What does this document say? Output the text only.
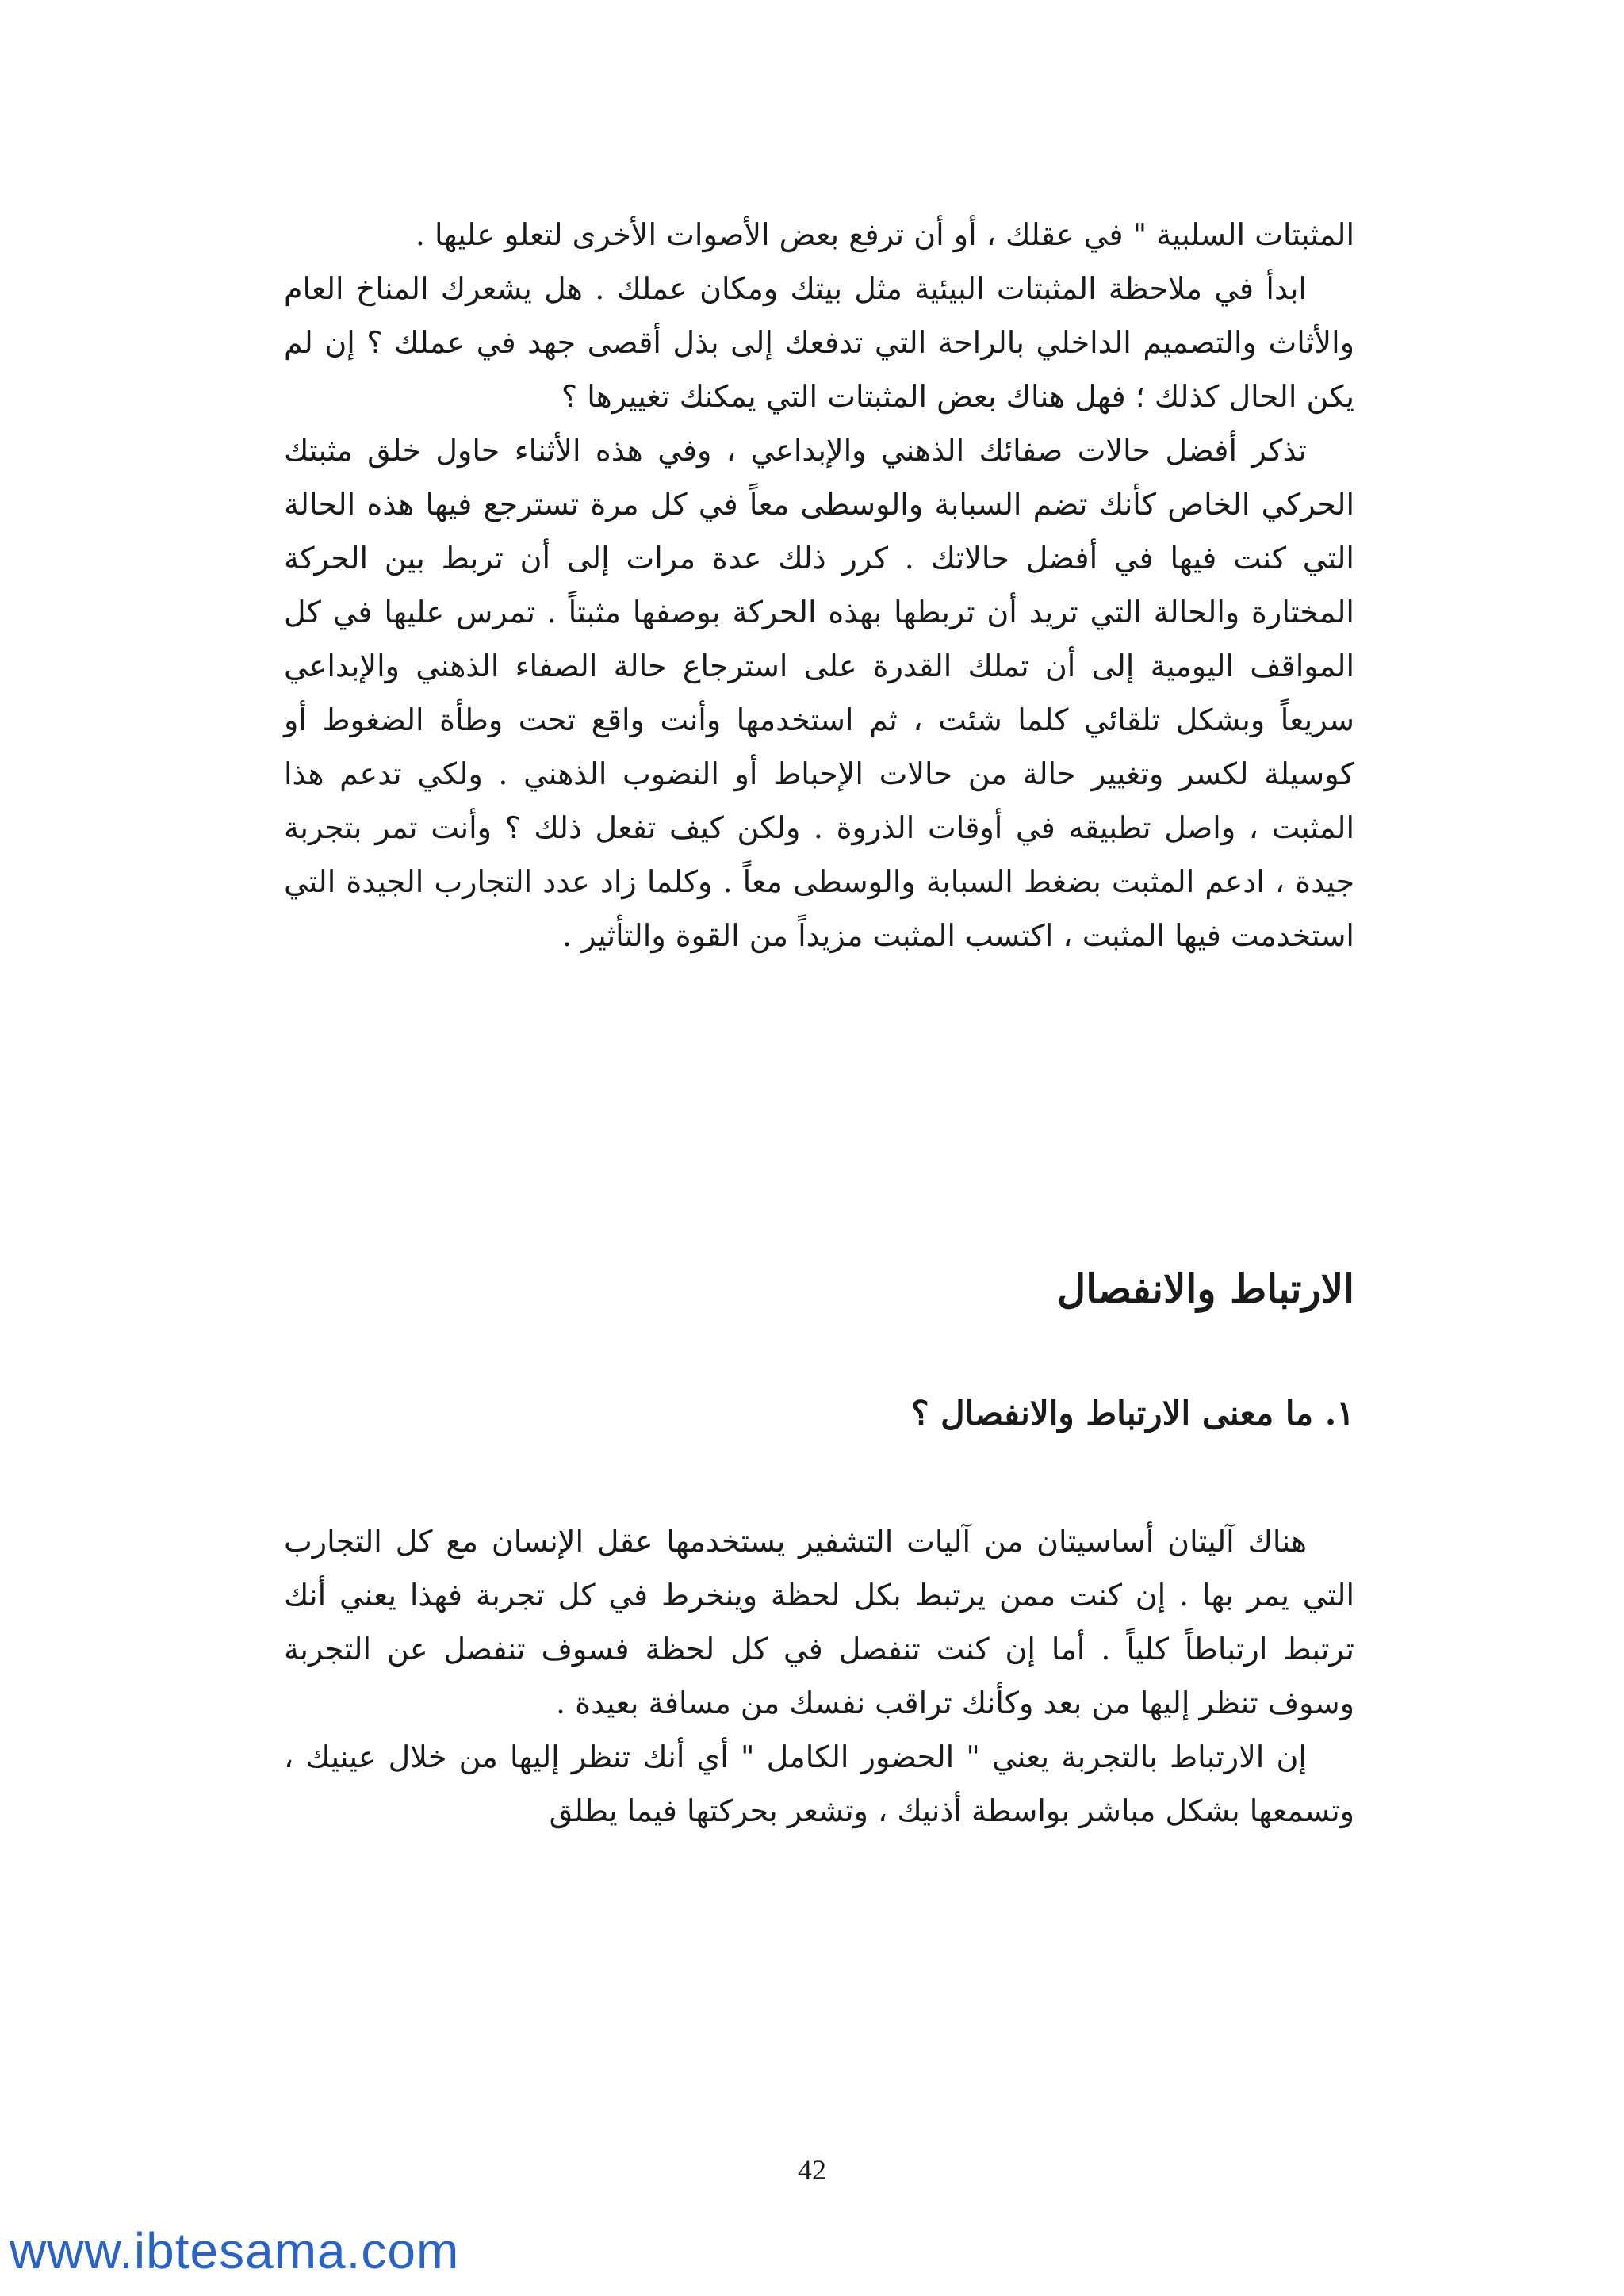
المثبتات السلبية " في عقلك ، أو أن ترفع بعض الأصوات الأخرى لتعلو عليها .

ابدأ في ملاحظة المثبتات البيئية مثل بيتك ومكان عملك . هل يشعرك المناخ العام والأثاث والتصميم الداخلي بالراحة التي تدفعك إلى بذل أقصى جهد في عملك ؟ إن لم يكن الحال كذلك ؛ فهل هناك بعض المثبتات التي يمكنك تغييرها ؟

تذكر أفضل حالات صفائك الذهني والإبداعي ، وفي هذه الأثناء حاول خلق مثبتك الحركي الخاص كأنك تضم السبابة والوسطى معاً في كل مرة تسترجع فيها هذه الحالة التي كنت فيها في أفضل حالاتك . كرر ذلك عدة مرات إلى أن تربط بين الحركة المختارة والحالة التي تريد أن تربطها بهذه الحركة بوصفها مثبتاً . تمرس عليها في كل المواقف اليومية إلى أن تملك القدرة على استرجاع حالة الصفاء الذهني والإبداعي سريعاً وبشكل تلقائي كلما شئت ، ثم استخدمها وأنت واقع تحت وطأة الضغوط أو كوسيلة لكسر وتغيير حالة من حالات الإحباط أو النضوب الذهني . ولكي تدعم هذا المثبت ، واصل تطبيقه في أوقات الذروة . ولكن كيف تفعل ذلك ؟ وأنت تمر بتجربة جيدة ، ادعم المثبت بضغط السبابة والوسطى معاً . وكلما زاد عدد التجارب الجيدة التي استخدمت فيها المثبت ، اكتسب المثبت مزيداً من القوة والتأثير .

الارتباط والانفصال
١. ما معنى الارتباط والانفصال ؟

هناك آليتان أساسيتان من آليات التشفير يستخدمها عقل الإنسان مع كل التجارب التي يمر بها . إن كنت ممن يرتبط بكل لحظة وينخرط في كل تجربة فهذا يعني أنك ترتبط ارتباطاً كلياً . أما إن كنت تنفصل في كل لحظة فسوف تنفصل عن التجربة وسوف تنظر إليها من بعد وكأنك تراقب نفسك من مسافة بعيدة .

إن الارتباط بالتجربة يعني " الحضور الكامل " أي أنك تنظر إليها من خلال عينيك ، وتسمعها بشكل مباشر بواسطة أذنيك ، وتشعر بحركتها فيما يطلق

42
www.ibtesama.com
